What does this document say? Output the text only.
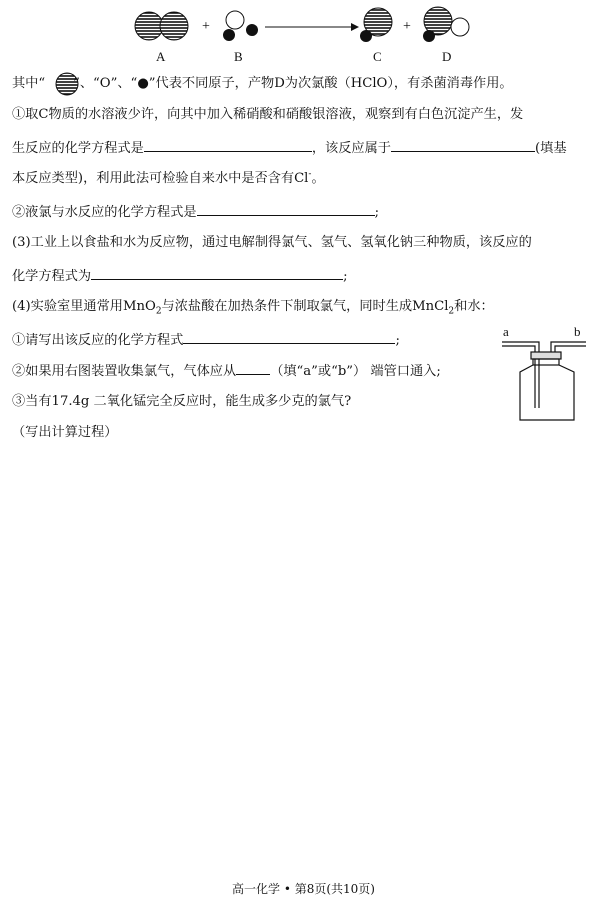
+	+
A	B	C	D
其中“ ”、“O”、“●”代表不同原子，产物D为次氯酸（HClO），有杀菌消毒作用。
①取C物质的水溶液少许，向其中加入稀硝酸和硝酸银溶液，观察到有白色沉淀产生，发
生反应的化学方程式是	，该反应属于	(填基
本反应类型)，利用此法可检验自来水中是否含有Cl-。
②液氯与水反应的化学方程式是	;
(3)工业上以食盐和水为反应物，通过电解制得氯气、氢气、氢氧化钠三种物质，该反应的
化学方程式为	;
(4)实验室里通常用MnO$_2$与浓盐酸在加热条件下制取氯气，同时生成MnCl$_2$和水：
①请写出该反应的化学方程式	;
②如果用右图装置收集氯气，气体应从	（填“a”或“b”） 端管口通入;
③当有17.4g 二氧化锰完全反应时，能生成多少克的氯气?
（写出计算过程）
a	b
高一化学 • 第8页(共10页)
